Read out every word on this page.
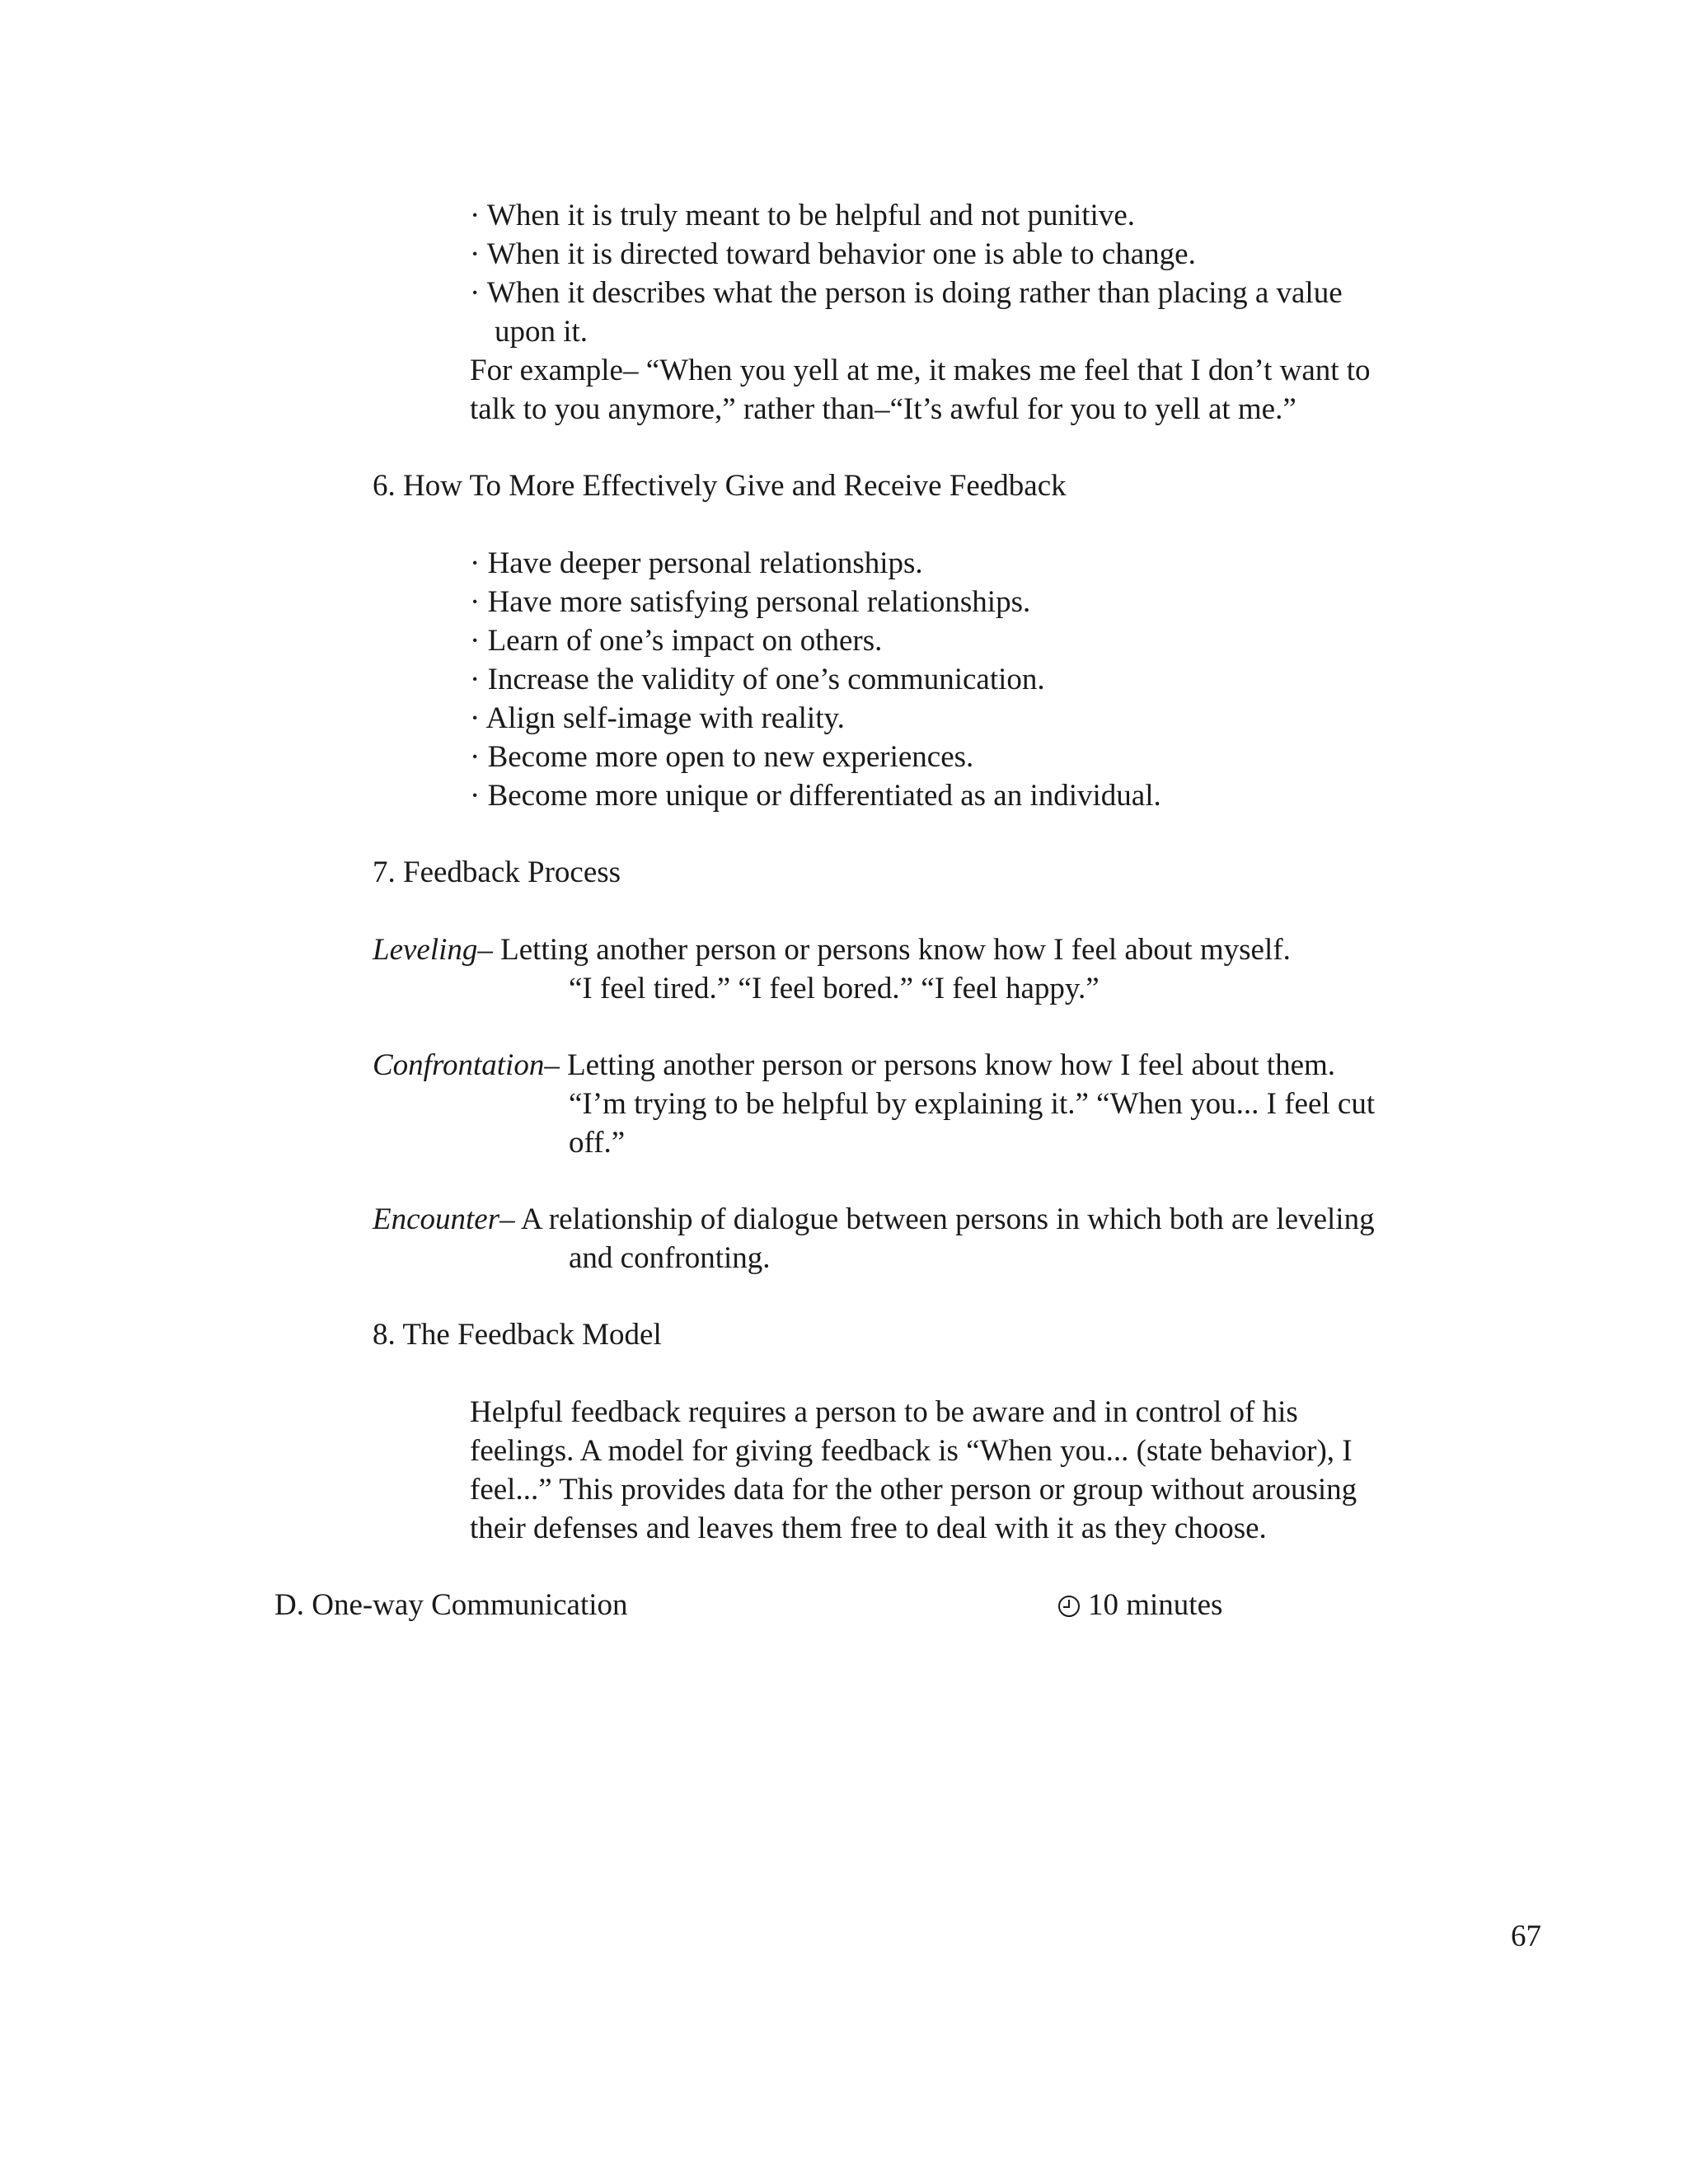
· When it is truly meant to be helpful and not punitive.
· When it is directed toward behavior one is able to change.
· When it describes what the person is doing rather than placing a value
upon it.
For example– “When you yell at me, it makes me feel that I don’t want to
talk to you anymore,” rather than–“It’s awful for you to yell at me.”
6. How To More Effectively Give and Receive Feedback
· Have deeper personal relationships.
· Have more satisfying personal relationships.
· Learn of one’s impact on others.
· Increase the validity of one’s communication.
· Align self-image with reality.
· Become more open to new experiences.
· Become more unique or differentiated as an individual.
7. Feedback Process
Leveling– Letting another person or persons know how I feel about myself.
“I feel tired.” “I feel bored.” “I feel happy.”
Confrontation– Letting another person or persons know how I feel about them.
“I’m trying to be helpful by explaining it.” “When you... I feel cut
off.”
Encounter– A relationship of dialogue between persons in which both are leveling
and confronting.
8. The Feedback Model
Helpful feedback requires a person to be aware and in control of his
feelings. A model for giving feedback is “When you... (state behavior), I
feel...” This provides data for the other person or group without arousing
their defenses and leaves them free to deal with it as they choose.
D. One-way Communication	10 minutes
67
